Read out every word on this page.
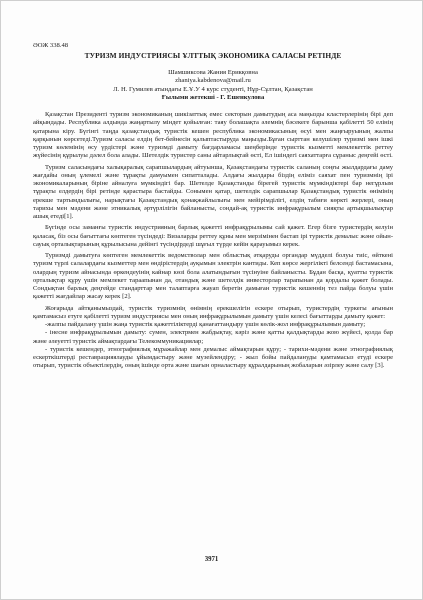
ӘОЖ 338.48
ТУРИЗМ ИНДУСТРИЯСЫ ҰЛТТЫҚ ЭКОНОМИКА САЛАСЫ РЕТІНДЕ
Шамшиксова Жания Ерикқовна
zhaniya.kabdenova@mail.ru
Л. Н. Гумилев атындағы Е.Ұ.У 4 курс студенті, Нұр-Сұлтан, Қазақстан
Ғылыми жетекші - Г. Ешенкулова

Қазақстан Президенті туризм экономиканың шикізаттық емес секторын дамытудың аса маңызды кластерлерінің бірі деп айқындады. Республика алдында жаңартылу міндет қойылған: таяу болашақта әлемнің бәсекеге барынша қабілетті 50 елінің қатарына кіру. Бүгінгі таңда қазақстандық туристік кешен республика экономикасының өсуі мен жаңғыруының жалпы қарқынын көрсетеді.Туризм саласы елдің бет-бейнесін қалыптастыруда маңызды.Бұған сырттан келушілер туризмі мен ішкі туризм көлемінің өсу үрдістері және туризмді дамыту бағдарламасы шеңберінде туристік кызметті мемлекеттік реттеу жүйесінің құрылуы дәлел бола алады. Шетелдік туристер саны айтарлықтай өсті, Ел ішіндегі саяхаттарға сұраныс деңгейі өсті.

Туризм саласындағы халықаралық сарапшылардың айтуынша, Қазақстандағы туристік саланың соңғы жылдардағы даму жағдайы оның ұлемелі және тұрақты дамуымен сипатталады. Алдағы жылдары біздің еліміз саяхат пен туризмнің ірі экономикаларының біріне айналуға мүмкіндігі бар. Шетелде Қазақстанды бірегей туристік мүмкіндіктері бар негұрлым тұрақты елдердің бірі ретінде қарастыра бастайды. Сонымен қатар, шетелдік сарапшылар Қазақстандық туристік өнімінің ерекше тартымдылығы, нарықтағы Қазақстандық қонақжайлылығы мен мейірімділігі, елдің табиғи көркті жерлері, оның тарихы мен мәдени және этникалық әртүрлілігін байланысты, сондай-ақ туристік инфрақұрылым сияқты артықшылықтар ашық етеді[1].

Бүгінде осы заманғы туристік индустрияның барлық қажетті инфрақұрылымы сай қажет. Егер бізге туристердің келуін қаласақ, біз осы бағыттағы көптеген түсіндеді: Визаларды реттеу құны мен мерзімінен бастап ірі туристік демалыс және ойын-сауық орталықтарының құрылысына дейінгі түсіндірдеді шұғыл түрде кейін қарауымыз керек.

Туризмді дамытуға көптеген мемлекеттік ведомстволар мен облыстық әтқаруды органдар мүдделі болуы тиіс, өйткені туризм түрлі салалардағы кызметтер мен өндірістердің ауқымын электрін кантиды. Кеп көрсе жергілікті белсенді бастамасына, олардың туризм айнасында өркендеуінің кайнар көзі бола алатындығын түсінуіне байланысты. Бұдан басқа, қуатты туристік орталықтар құру үшін мемлекет тараапынан да, отандық және шетелдік инвесторлар тарапынан да қордалы қажет болады. Сондықтан барлық деңгейде стандарттар мен талаптарға жауап беретін дамыған туристік кешеннің тез пайда болуы үшін қажетті жағдайлар жасау керек [2].

Жоғарыда айтқанымыздай, туристік туризмнің өнімнің ерекшелігін ескере отырып, туристердің туркегы ағынын қамтамасыз етуге қабілетті туризм индустриясы мен оның инфрақұрылымын дамыту үшін келесі бағыттарды дамыту қажет:

-жалпы пайдалану үшін жаңа туристік қажеттіліктерді қанағаттандыру үшін көлік-жол инфрақұрылымын дамыту;

- інесне инфрақұрылымын дамыту: сумен, электрмен жабдықтау, кәріз және қатты қалдықтарды жою жүйесі, қолда бар және әлеуетті туристік аймақтардағы Телекоммуникациялар;

- туристік кешендер, этнографиялық мұражайлар мен демалыс аймақтарын құру; - тарихи-мәдени және этнографиялық ескерткіштерді реставрацияялауды ұйымдастыру және музейлендіру; - жыл бойы пайдалануды қамтамасыз етуді ескере отырып, туристік объектілердің, оның ішінде орта және шағын орналастыру құралдарының жобаларын әзірлеу және салу [3].

3971
